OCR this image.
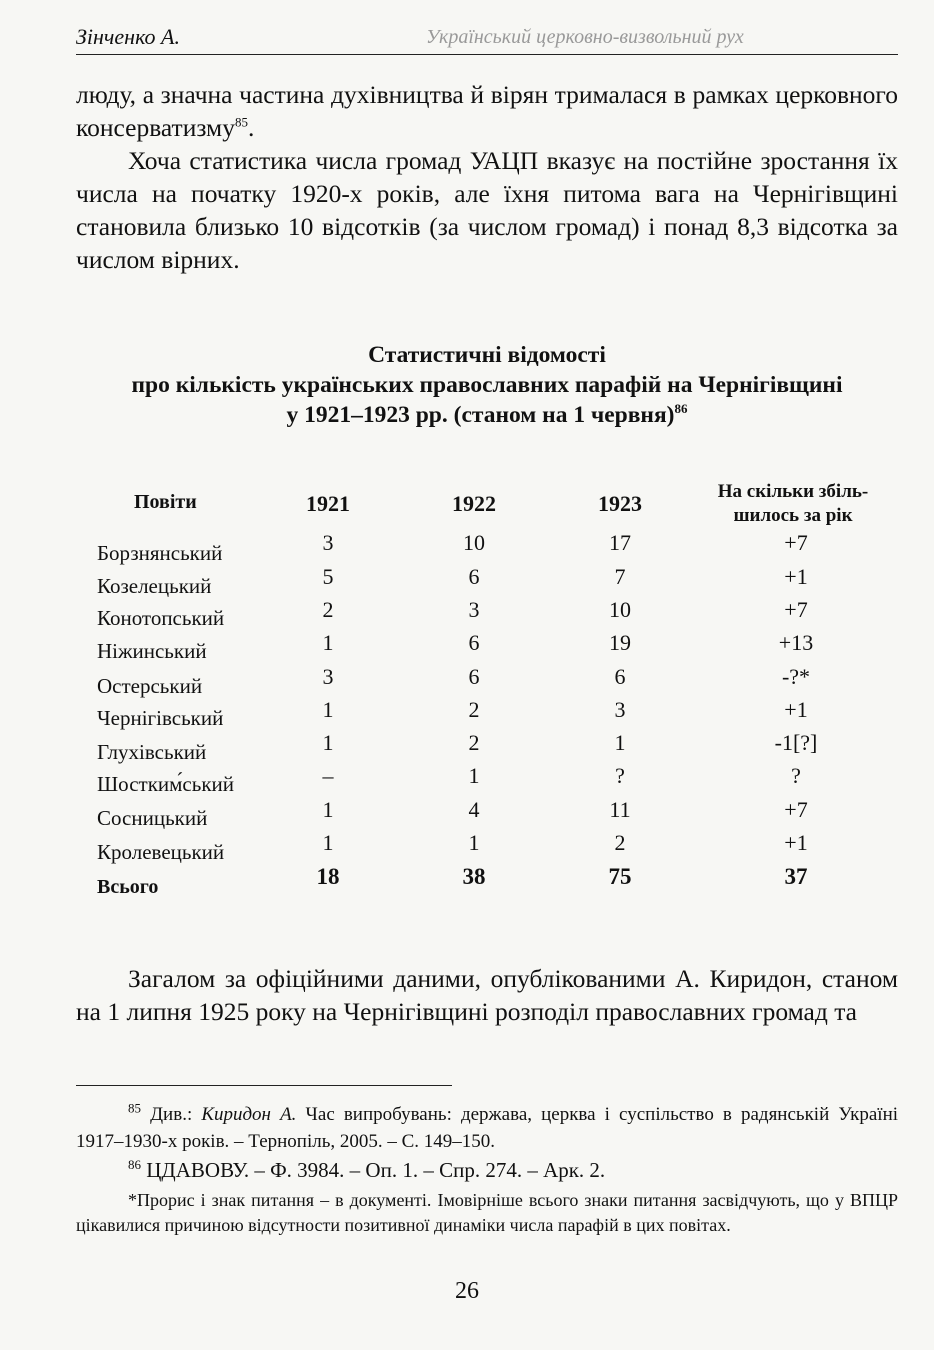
Зінченко А.	Український церковно-визвольний рух

люду, а значна частина духівництва й вірян трималася в рамках церковного консерватизму$^{85}$.

Хоча статистика числа громад УАЦП вказує на постійне зростання їх числа на початку 1920-х років, але їхня питома вага на Чернігівщині становила близько 10 відсотків (за числом громад) і понад 8,3 відсотка за числом вірних.

Статистичні відомості
про кількість українських православних парафій на Чернігівщині
у 1921–1923 рр. (станом на 1 червня)$^{86}$
Повіти	1921	1922	1923	На скільки збіль-
шилось за рік
Борзнянський	3	10	17	+7
Козелецький	5	6	7	+1
Конотопський	2	3	10	+7
Ніжинський	1	6	19	+13
Остерський	3	6	6	-?*
Чернігівський	1	2	3	+1
Глухівський	1	2	1	-1[?]
Шостким́ський	–	1	?	?
Сосницький	1	4	11	+7
Кролевецький	1	1	2	+1
Всього	18	38	75	37

Загалом за офіційними даними, опублікованими А. Киридон, станом на 1 липня 1925 року на Чернігівщині розподіл православних громад та

$^{85}$ Див.: Киридон А. Час випробувань: держава, церква і суспільство в радянській Україні 1917–1930-х років. – Тернопіль, 2005. – С. 149–150.

$^{86}$ ЦДАВОВУ. – Ф. 3984. – Оп. 1. – Спр. 274. – Арк. 2.

*Прорис і знак питання – в документі. Імовірніше всього знаки питання засвідчують, що у ВПЦР цікавилися причиною відсутности позитивної динаміки числа парафій в цих повітах.

26
